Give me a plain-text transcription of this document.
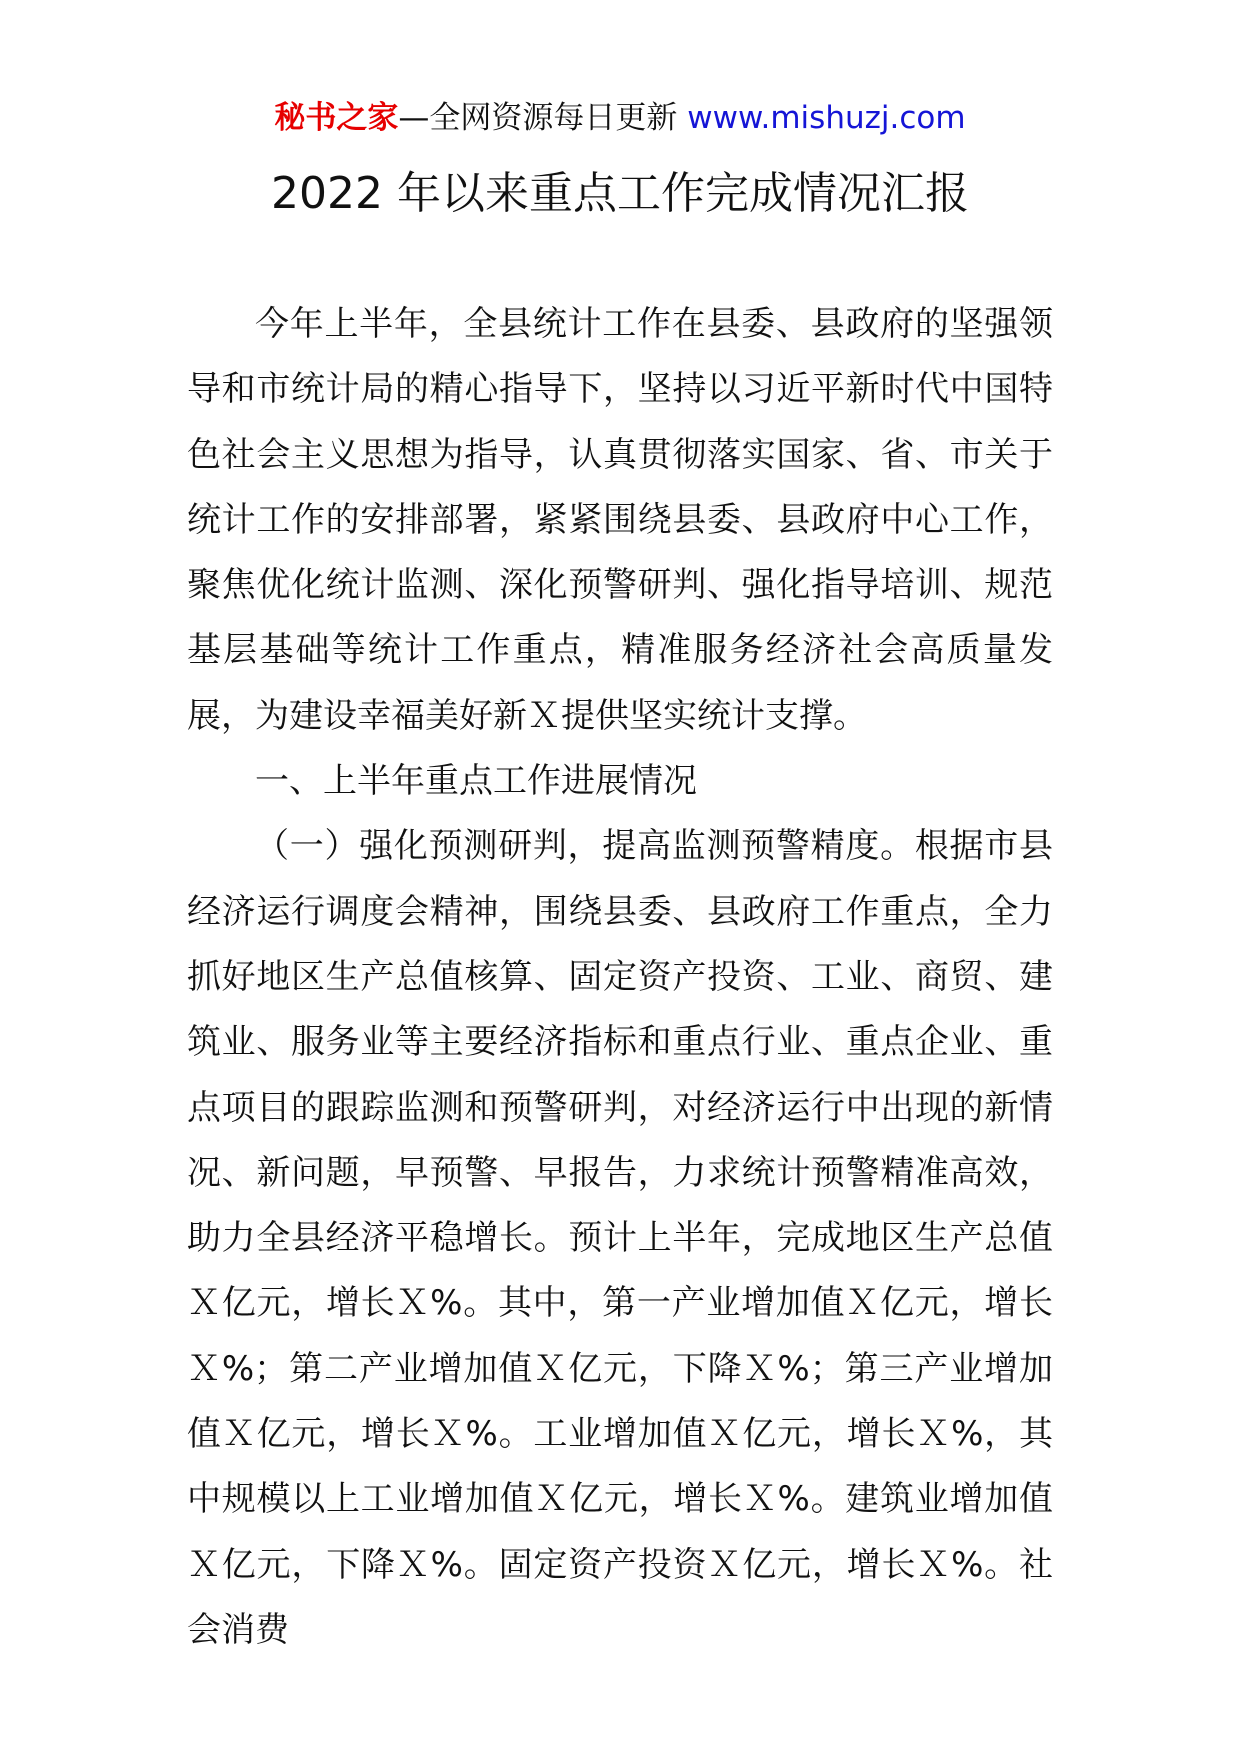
秘书之家—全网资源每日更新 www.mishuzj.com
2022 年以来重点工作完成情况汇报

今年上半年，全县统计工作在县委、县政府的坚强领导和市统计局的精心指导下，坚持以习近平新时代中国特色社会主义思想为指导，认真贯彻落实国家、省、市关于统计工作的安排部署，紧紧围绕县委、县政府中心工作，聚焦优化统计监测、深化预警研判、强化指导培训、规范基层基础等统计工作重点，精准服务经济社会高质量发展，为建设幸福美好新Ｘ提供坚实统计支撑。

一、上半年重点工作进展情况

（一）强化预测研判，提高监测预警精度。根据市县经济运行调度会精神，围绕县委、县政府工作重点，全力抓好地区生产总值核算、固定资产投资、工业、商贸、建筑业、服务业等主要经济指标和重点行业、重点企业、重点项目的跟踪监测和预警研判，对经济运行中出现的新情况、新问题，早预警、早报告，力求统计预警精准高效，助力全县经济平稳增长。预计上半年，完成地区生产总值Ｘ亿元，增长Ｘ%。其中，第一产业增加值Ｘ亿元，增长Ｘ%；第二产业增加值Ｘ亿元，下降Ｘ%；第三产业增加值Ｘ亿元，增长Ｘ%。工业增加值Ｘ亿元，增长Ｘ%，其中规模以上工业增加值Ｘ亿元，增长Ｘ%。建筑业增加值Ｘ亿元，下降Ｘ%。固定资产投资Ｘ亿元，增长Ｘ%。社会消费
